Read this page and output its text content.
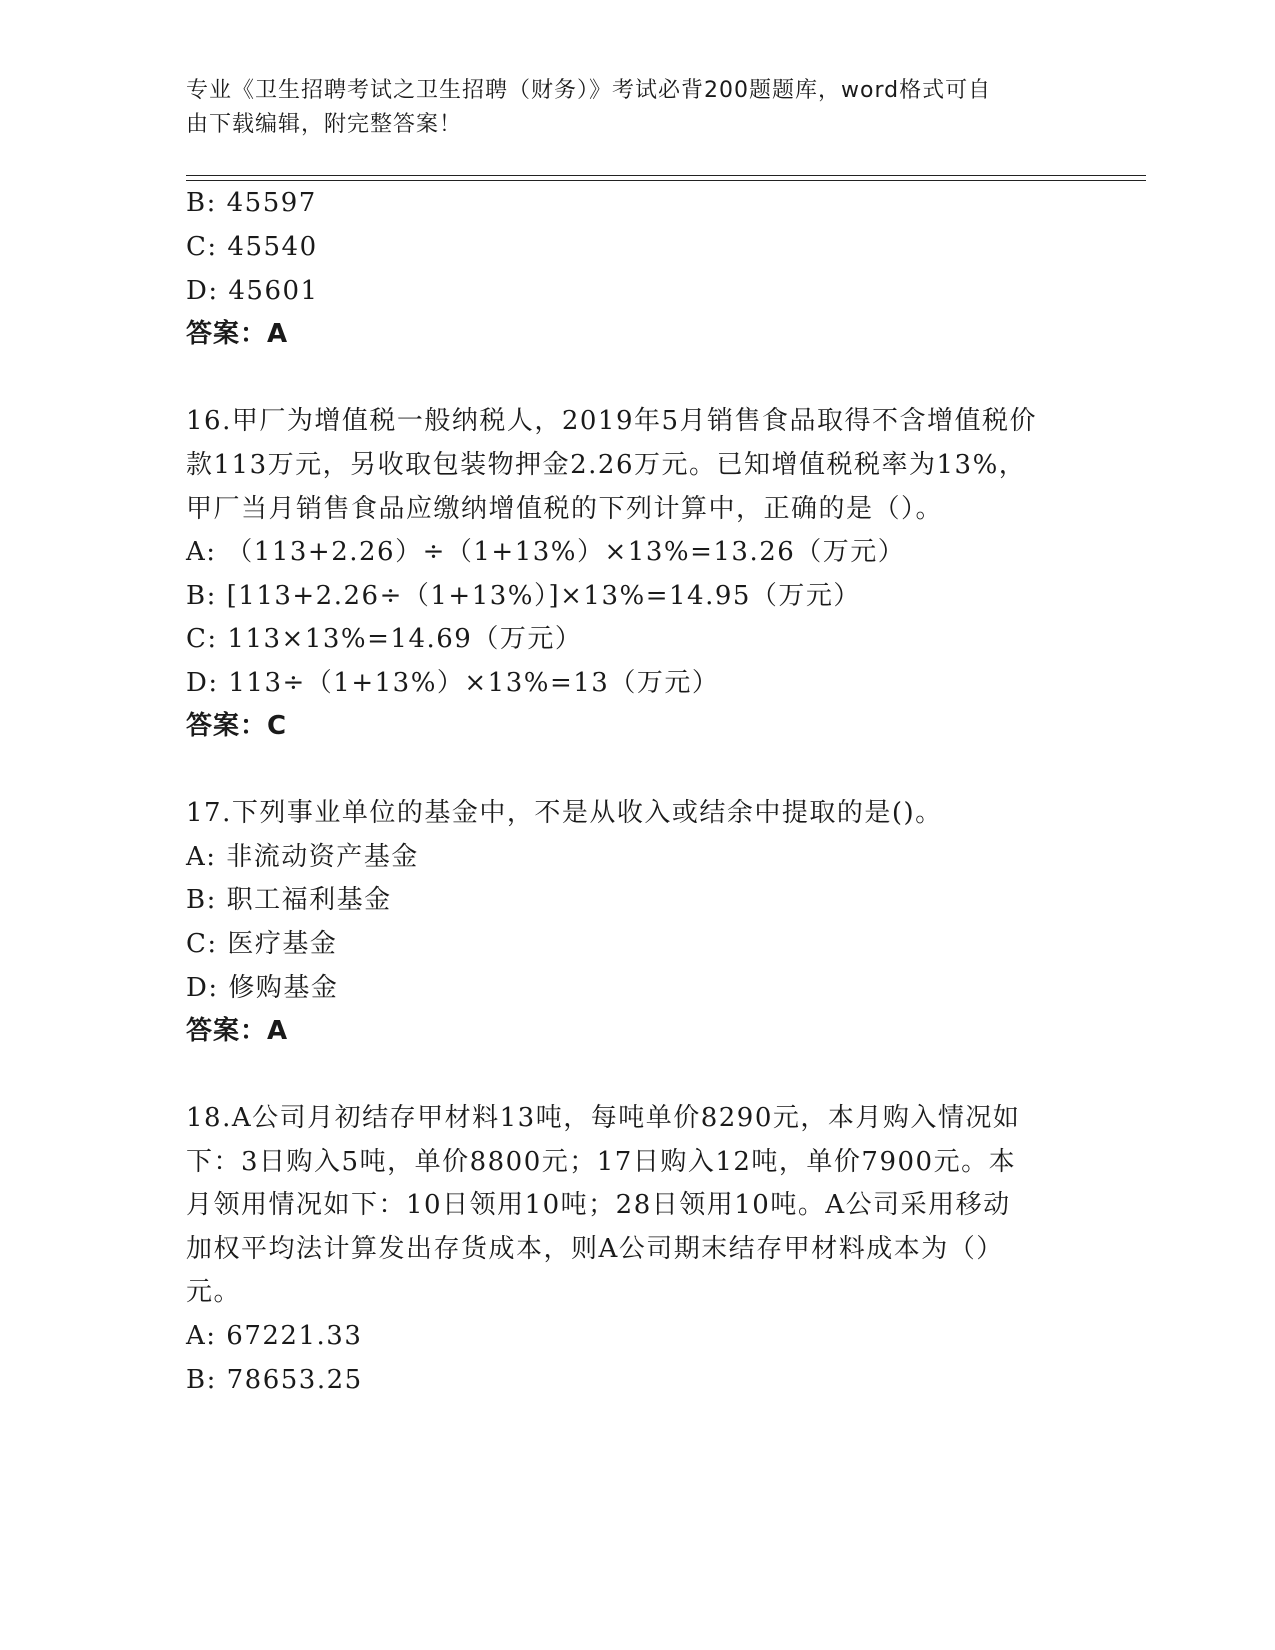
专业《卫生招聘考试之卫生招聘（财务）》考试必背200题题库，word格式可自
由下载编辑，附完整答案！
B: 45597
C: 45540
D: 45601
答案：A
16.甲厂为增值税一般纳税人，2019年5月销售食品取得不含增值税价
款113万元，另收取包装物押金2.26万元。已知增值税税率为13%，
甲厂当月销售食品应缴纳增值税的下列计算中，正确的是（）。
A: （113+2.26）÷（1+13%）×13%=13.26（万元）
B: [113+2.26÷（1+13%）]×13%=14.95（万元）
C: 113×13%=14.69（万元）
D: 113÷（1+13%）×13%=13（万元）
答案：C
17.下列事业单位的基金中，不是从收入或结余中提取的是()。
A: 非流动资产基金
B: 职工福利基金
C: 医疗基金
D: 修购基金
答案：A
18.A公司月初结存甲材料13吨，每吨单价8290元，本月购入情况如
下：3日购入5吨，单价8800元；17日购入12吨，单价7900元。本
月领用情况如下：10日领用10吨；28日领用10吨。A公司采用移动
加权平均法计算发出存货成本，则A公司期末结存甲材料成本为（）
元。
A: 67221.33
B: 78653.25
